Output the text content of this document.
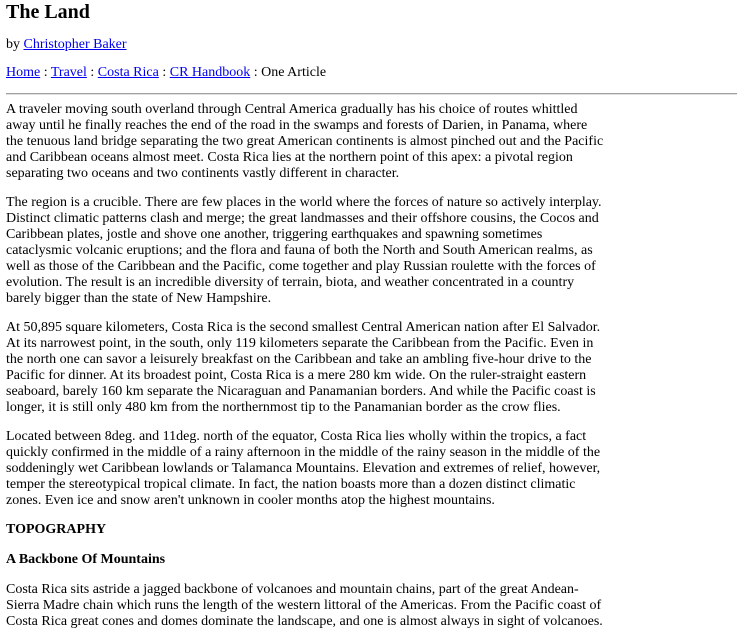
The Land

by Christopher Baker

Home : Travel : Costa Rica : CR Handbook : One Article

A traveler moving south overland through Central America gradually has his choice of routes whittled away until he finally reaches the end of the road in the swamps and forests of Darien, in Panama, where the tenuous land bridge separating the two great American continents is almost pinched out and the Pacific and Caribbean oceans almost meet. Costa Rica lies at the northern point of this apex: a pivotal region separating two oceans and two continents vastly different in character.

The region is a crucible. There are few places in the world where the forces of nature so actively interplay. Distinct climatic patterns clash and merge; the great landmasses and their offshore cousins, the Cocos and Caribbean plates, jostle and shove one another, triggering earthquakes and spawning sometimes cataclysmic volcanic eruptions; and the flora and fauna of both the North and South American realms, as well as those of the Caribbean and the Pacific, come together and play Russian roulette with the forces of evolution. The result is an incredible diversity of terrain, biota, and weather concentrated in a country barely bigger than the state of New Hampshire.

At 50,895 square kilometers, Costa Rica is the second smallest Central American nation after El Salvador. At its narrowest point, in the south, only 119 kilometers separate the Caribbean from the Pacific. Even in the north one can savor a leisurely breakfast on the Caribbean and take an ambling five-hour drive to the Pacific for dinner. At its broadest point, Costa Rica is a mere 280 km wide. On the ruler-straight eastern seaboard, barely 160 km separate the Nicaraguan and Panamanian borders. And while the Pacific coast is longer, it is still only 480 km from the northernmost tip to the Panamanian border as the crow flies.

Located between 8deg. and 11deg. north of the equator, Costa Rica lies wholly within the tropics, a fact quickly confirmed in the middle of a rainy afternoon in the middle of the rainy season in the middle of the soddeningly wet Caribbean lowlands or Talamanca Mountains. Elevation and extremes of relief, however, temper the stereotypical tropical climate. In fact, the nation boasts more than a dozen distinct climatic zones. Even ice and snow aren't unknown in cooler months atop the highest mountains.

TOPOGRAPHY

A Backbone Of Mountains

Costa Rica sits astride a jagged backbone of volcanoes and mountain chains, part of the great Andean-Sierra Madre chain which runs the length of the western littoral of the Americas. From the Pacific coast of Costa Rica great cones and domes dominate the landscape, and one is almost always in sight of volcanoes.
